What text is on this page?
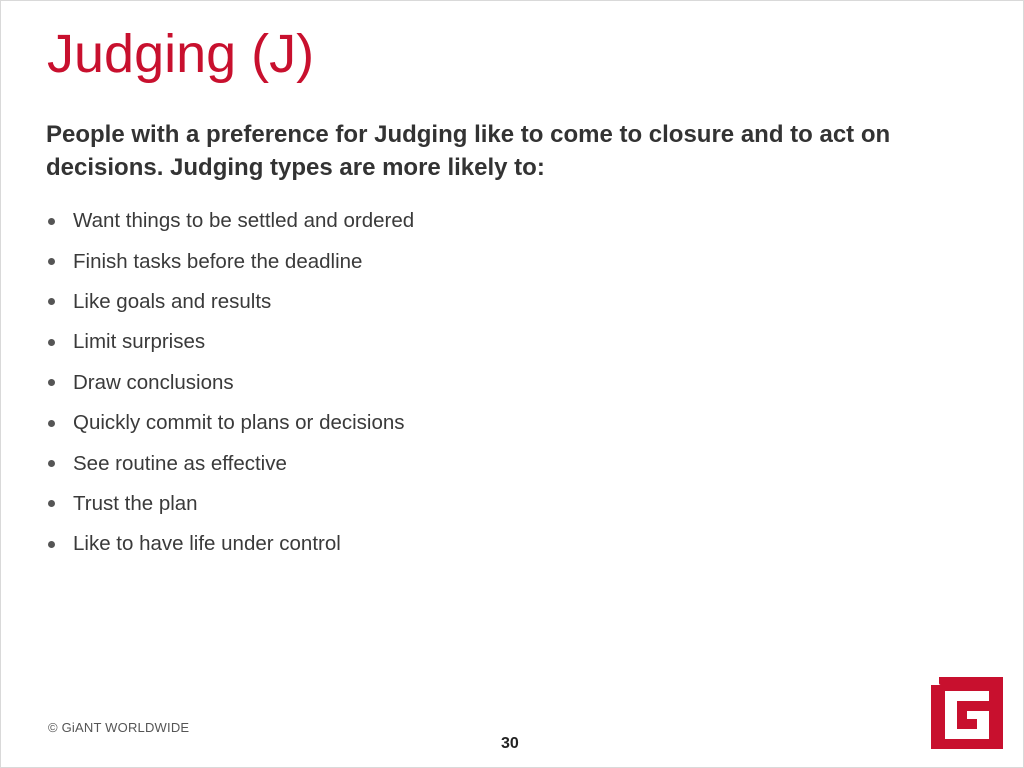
Judging (J)

People with a preference for Judging like to come to closure and to act on decisions. Judging types are more likely to:

Want things to be settled and ordered
Finish tasks before the deadline
Like goals and results
Limit surprises
Draw conclusions
Quickly commit to plans or decisions
See routine as effective
Trust the plan
Like to have life under control
© GiANT WORLDWIDE
30
